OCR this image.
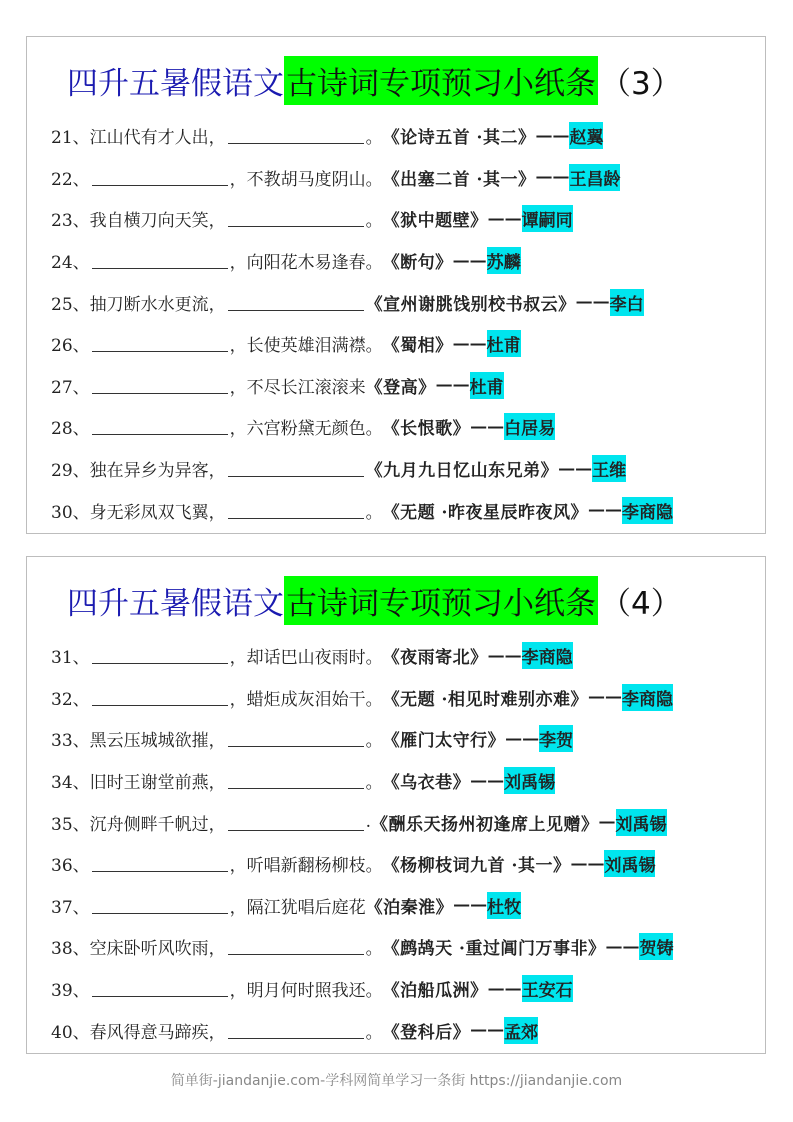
四升五暑假语文 古诗词专项预习小纸条 （3）
21、 江山代有才人出，	。 《论诗五首 ·其二》 —— 赵翼
22、	，不教胡马度阴山。 《出塞二首 ·其一》 —— 王昌龄
23、 我自横刀向天笑，	。 《狱中题壁》 —— 谭嗣同
24、	，向阳花木易逢春。 《断句》 —— 苏麟
25、 抽刀断水水更流，	《宣州谢朓饯别校书叔云》 —— 李白
26、	，长使英雄泪满襟。 《蜀相》 —— 杜甫
27、	，不尽长江滚滚来 《登高》 —— 杜甫
28、	，六宫粉黛无颜色。 《长恨歌》 —— 白居易
29、 独在异乡为异客，	《九月九日忆山东兄弟》 —— 王维
30、 身无彩凤双飞翼，	。 《无题 ·昨夜星辰昨夜风》 —— 李商隐
四升五暑假语文 古诗词专项预习小纸条 （4）
31、	，却话巴山夜雨时。 《夜雨寄北》 —— 李商隐
32、	，蜡炬成灰泪始干。 《无题 ·相见时难别亦难》 —— 李商隐
33、 黑云压城城欲摧，	。 《雁门太守行》 —— 李贺
34、 旧时王谢堂前燕，	。 《乌衣巷》 —— 刘禹锡
35、 沉舟侧畔千帆过，	. 《酬乐天扬州初逢席上见赠》 — 刘禹锡
36、	，听唱新翻杨柳枝。 《杨柳枝词九首 ·其一》 —— 刘禹锡
37、	，隔江犹唱后庭花 《泊秦淮》 —— 杜牧
38、 空床卧听风吹雨，	。 《鹧鸪天 ·重过阊门万事非》 —— 贺铸
39、	，明月何时照我还。 《泊船瓜洲》 —— 王安石
40、 春风得意马蹄疾，	。 《登科后》 —— 孟郊
简单街-jiandanjie.com-学科网简单学习一条街 https://jiandanjie.com
